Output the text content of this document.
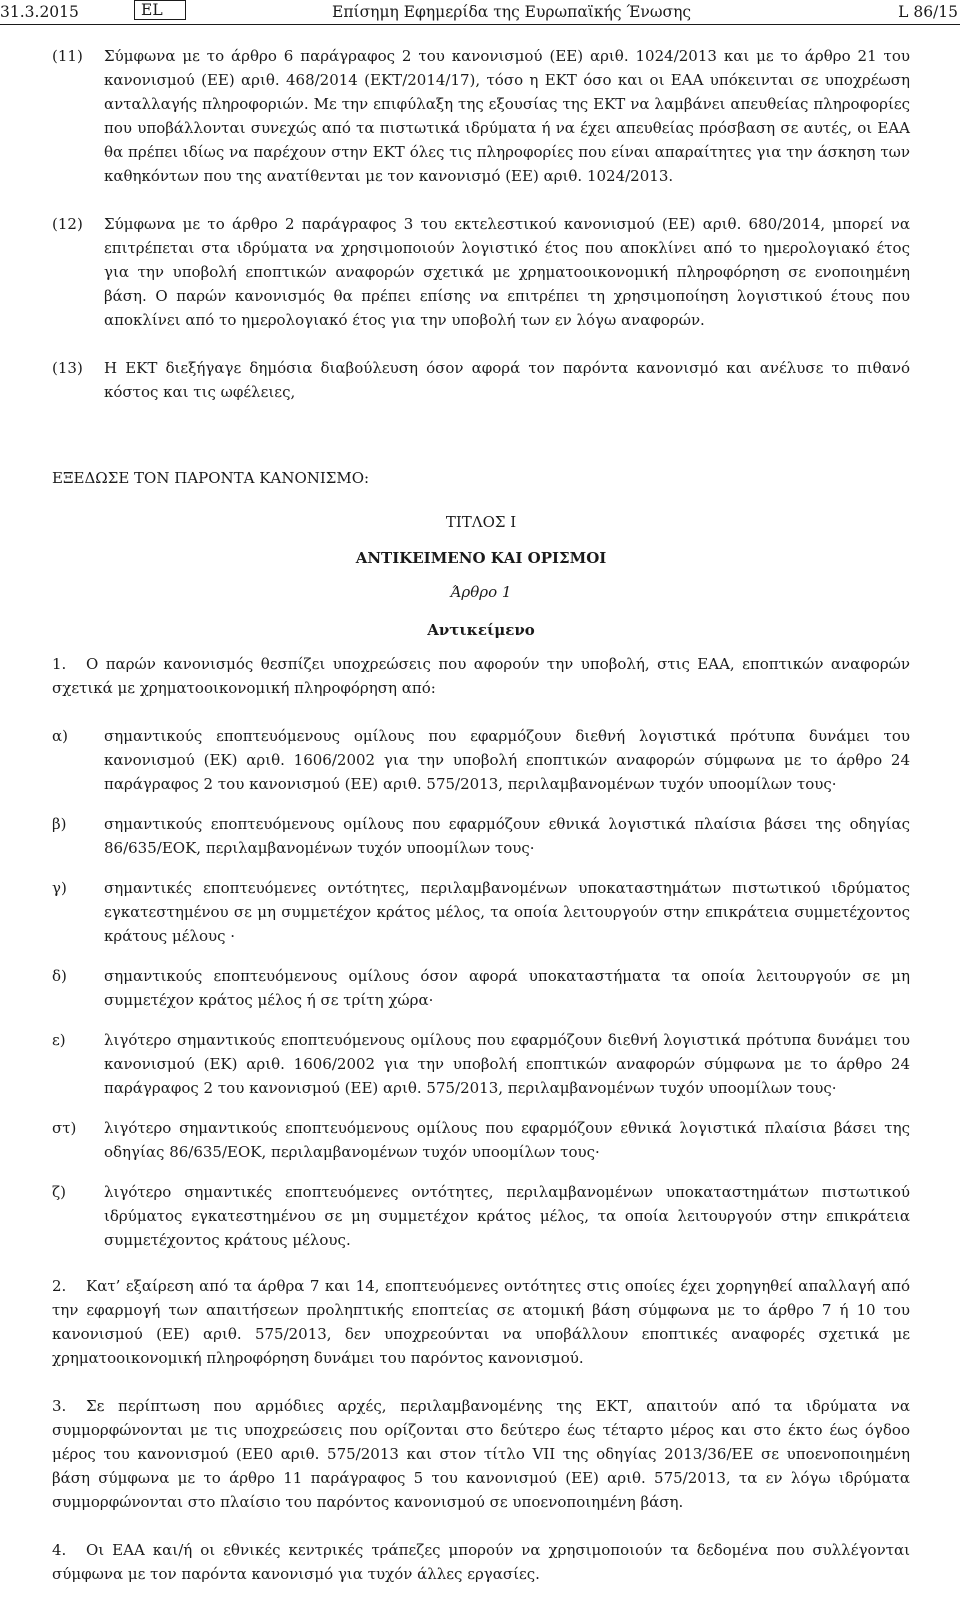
31.3.2015	EL	Επίσημη Εφημερίδα της Ευρωπαϊκής Ένωσης	L 86/15
(11) Σύμφωνα με το άρθρο 6 παράγραφος 2 του κανονισμού (ΕΕ) αριθ. 1024/2013 και με το άρθρο 21 του κανονισμού (ΕΕ) αριθ. 468/2014 (ΕΚΤ/2014/17), τόσο η ΕΚΤ όσο και οι ΕΑΑ υπόκεινται σε υποχρέωση ανταλλαγής πληροφοριών. Με την επιφύλαξη της εξουσίας της ΕΚΤ να λαμβάνει απευθείας πληροφορίες που υποβάλλονται συνεχώς από τα πιστωτικά ιδρύματα ή να έχει απευθείας πρόσβαση σε αυτές, οι ΕΑΑ θα πρέπει ιδίως να παρέχουν στην ΕΚΤ όλες τις πληροφορίες που είναι απαραίτητες για την άσκηση των καθηκόντων που της ανατίθενται με τον κανονισμό (ΕΕ) αριθ. 1024/2013.

(12) Σύμφωνα με το άρθρο 2 παράγραφος 3 του εκτελεστικού κανονισμού (ΕΕ) αριθ. 680/2014, μπορεί να επιτρέπεται στα ιδρύματα να χρησιμοποιούν λογιστικό έτος που αποκλίνει από το ημερολογιακό έτος για την υποβολή εποπτικών αναφορών σχετικά με χρηματοοικονομική πληροφόρηση σε ενοποιημένη βάση. Ο παρών κανονισμός θα πρέπει επίσης να επιτρέπει τη χρησιμοποίηση λογιστικού έτους που αποκλίνει από το ημερολογιακό έτος για την υποβολή των εν λόγω αναφορών.

(13) Η ΕΚΤ διεξήγαγε δημόσια διαβούλευση όσον αφορά τον παρόντα κανονισμό και ανέλυσε το πιθανό κόστος και τις ωφέλειες,

ΕΞΕΔΩΣΕ ΤΟΝ ΠΑΡΟΝΤΑ ΚΑΝΟΝΙΣΜΟ:

ΤΙΤΛΟΣ I

ΑΝΤΙΚΕΙΜΕΝΟ ΚΑΙ ΟΡΙΣΜΟΙ

Άρθρο 1

Αντικείμενο

1. Ο παρών κανονισμός θεσπίζει υποχρεώσεις που αφορούν την υποβολή, στις ΕΑΑ, εποπτικών αναφορών σχετικά με χρηματοοικονομική πληροφόρηση από:

α) σημαντικούς εποπτευόμενους ομίλους που εφαρμόζουν διεθνή λογιστικά πρότυπα δυνάμει του κανονισμού (ΕΚ) αριθ. 1606/2002 για την υποβολή εποπτικών αναφορών σύμφωνα με το άρθρο 24 παράγραφος 2 του κανονισμού (ΕΕ) αριθ. 575/2013, περιλαμβανομένων τυχόν υποομίλων τους·

β) σημαντικούς εποπτευόμενους ομίλους που εφαρμόζουν εθνικά λογιστικά πλαίσια βάσει της οδηγίας 86/635/ΕΟΚ, περιλαμβανομένων τυχόν υποομίλων τους·

γ) σημαντικές εποπτευόμενες οντότητες, περιλαμβανομένων υποκαταστημάτων πιστωτικού ιδρύματος εγκατεστημένου σε μη συμμετέχον κράτος μέλος, τα οποία λειτουργούν στην επικράτεια συμμετέχοντος κράτους μέλους ·

δ) σημαντικούς εποπτευόμενους ομίλους όσον αφορά υποκαταστήματα τα οποία λειτουργούν σε μη συμμετέχον κράτος μέλος ή σε τρίτη χώρα·

ε)	λιγότερο σημαντικούς εποπτευόμενους ομίλους που εφαρμόζουν διεθνή λογιστικά πρότυπα δυνάμει του κανονισμού (ΕΚ) αριθ. 1606/2002 για την υποβολή εποπτικών αναφορών σύμφωνα με το άρθρο 24 παράγραφος 2 του κανονισμού (ΕΕ) αριθ. 575/2013, περιλαμβανομένων τυχόν υποομίλων τους·

στ) λιγότερο σημαντικούς εποπτευόμενους ομίλους που εφαρμόζουν εθνικά λογιστικά πλαίσια βάσει της οδηγίας 86/635/ΕΟΚ, περιλαμβανομένων τυχόν υποομίλων τους·

ζ)	λιγότερο σημαντικές εποπτευόμενες οντότητες, περιλαμβανομένων υποκαταστημάτων πιστωτικού ιδρύματος εγκατεστημένου σε μη συμμετέχον κράτος μέλος, τα οποία λειτουργούν στην επικράτεια συμμετέχοντος κράτους μέλους.

2. Κατ’ εξαίρεση από τα άρθρα 7 και 14, εποπτευόμενες οντότητες στις οποίες έχει χορηγηθεί απαλλαγή από την εφαρμογή των απαιτήσεων προληπτικής εποπτείας σε ατομική βάση σύμφωνα με το άρθρο 7 ή 10 του κανονισμού (ΕΕ) αριθ. 575/2013, δεν υποχρεούνται να υποβάλλουν εποπτικές αναφορές σχετικά με χρηματοοικονομική πληροφόρηση δυνάμει του παρόντος κανονισμού.

3. Σε περίπτωση που αρμόδιες αρχές, περιλαμβανομένης της ΕΚΤ, απαιτούν από τα ιδρύματα να συμμορφώνονται με τις υποχρεώσεις που ορίζονται στο δεύτερο έως τέταρτο μέρος και στο έκτο έως όγδοο μέρος του κανονισμού (ΕΕ0 αριθ. 575/2013 και στον τίτλο VII της οδηγίας 2013/36/ΕΕ σε υποενοποιημένη βάση σύμφωνα με το άρθρο 11 παράγραφος 5 του κανονισμού (ΕΕ) αριθ. 575/2013, τα εν λόγω ιδρύματα συμμορφώνονται στο πλαίσιο του παρόντος κανονισμού σε υποενοποιημένη βάση.

4. Οι ΕΑΑ και/ή οι εθνικές κεντρικές τράπεζες μπορούν να χρησιμοποιούν τα δεδομένα που συλλέγονται σύμφωνα με τον παρόντα κανονισμό για τυχόν άλλες εργασίες.
